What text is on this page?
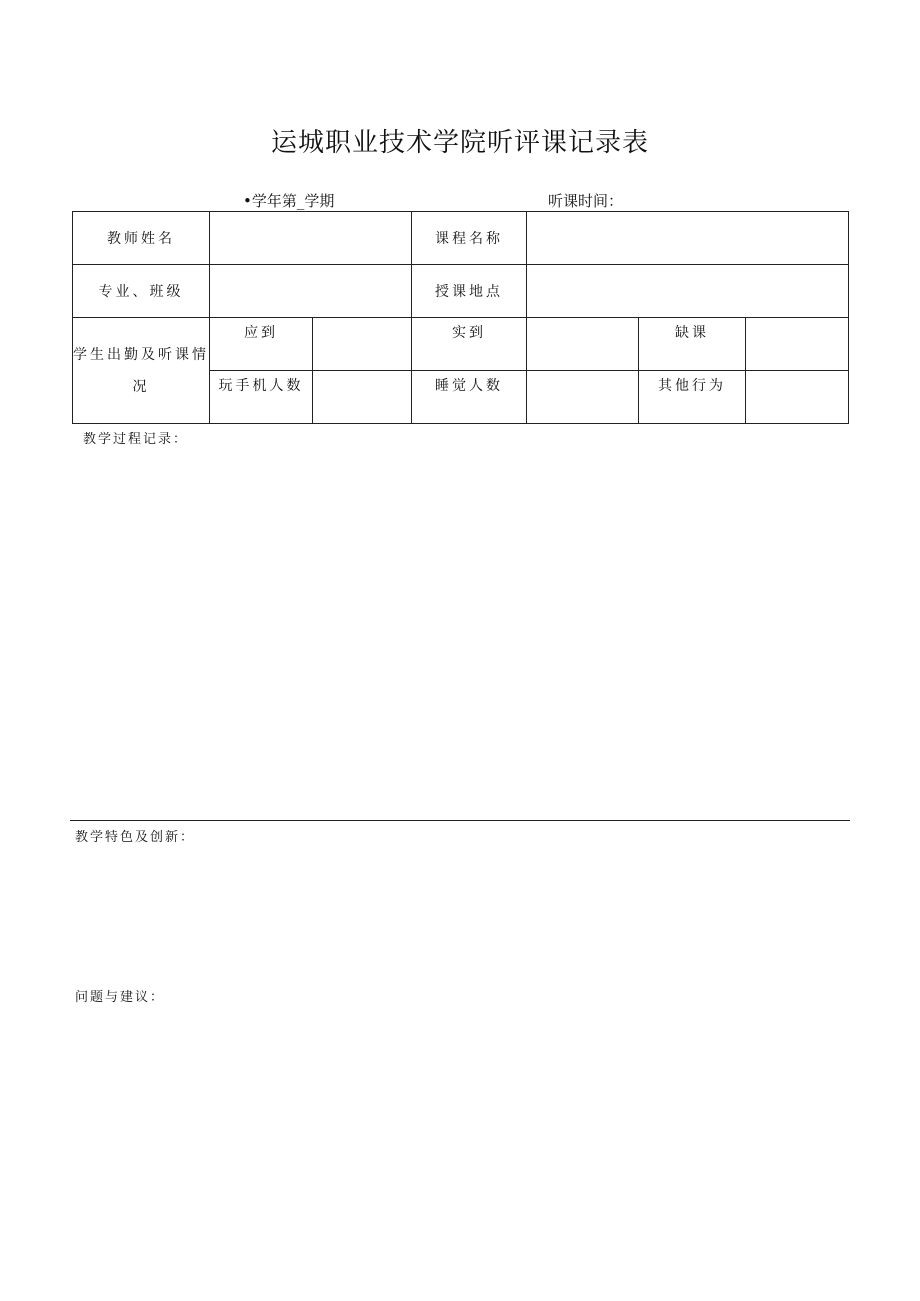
运城职业技术学院听评课记录表
•学年第_学期	听课时间：
教师姓名			课程名称			
专业、班级			授课地点			
学生出勤及听课情况	应到		实到		缺课	
	玩手机人数		睡觉人数		其他行为	
教学过程记录：
教学特色及创新：
问题与建议：
